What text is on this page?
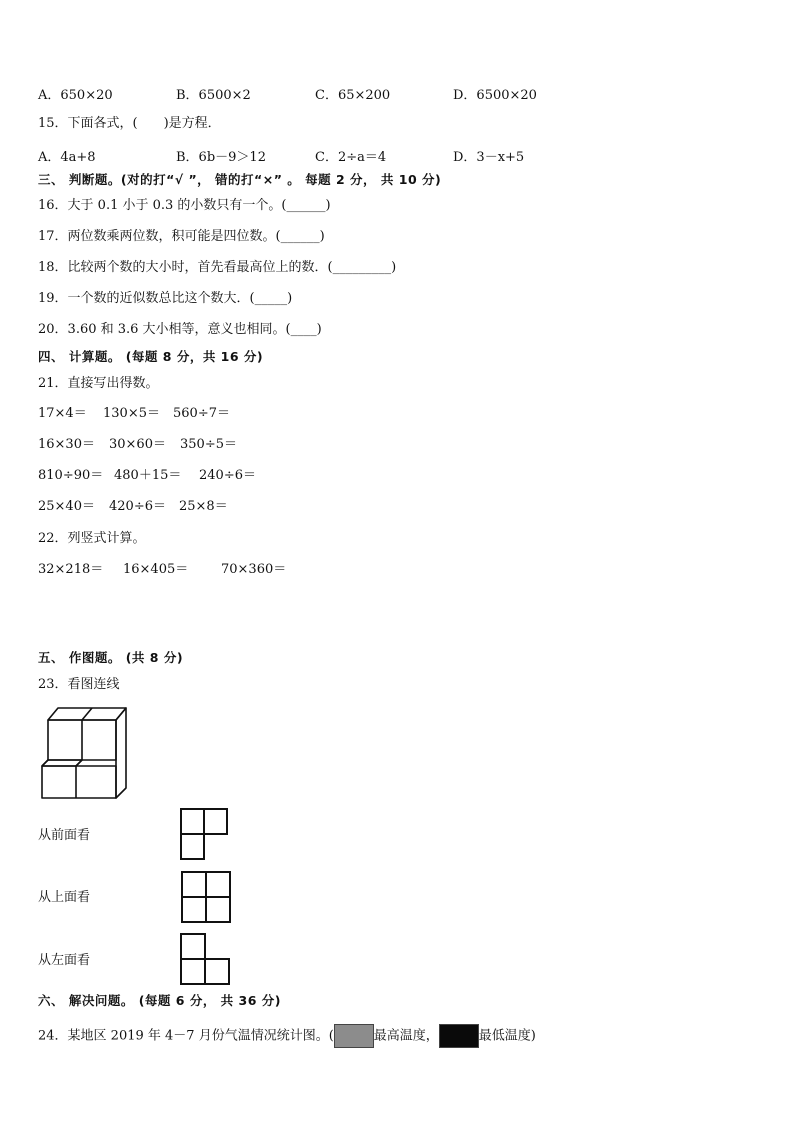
A．650×20	B．6500×2	C．65×200	D．6500×20
15．下面各式，(　　)是方程．
A．4a+8	B．6b－9＞12	C．2÷a＝4	D．3－x+5
三、 判断题。(对的打“√ ”， 错的打“×” 。 每题 2 分， 共 10 分)
16．大于 0.1 小于 0.3 的小数只有一个。(______)
17．两位数乘两位数，积可能是四位数。(______)
18．比较两个数的大小时，首先看最高位上的数．(_________)
19．一个数的近似数总比这个数大．(_____)
20．3.60 和 3.6 大小相等，意义也相同。(____)
四、 计算题。 (每题 8 分，共 16 分)
21．直接写出得数。
17×4＝ 130×5＝ 560÷7＝
16×30＝ 30×60＝ 350÷5＝
810÷90＝ 480＋15＝ 240÷6＝
25×40＝ 420÷6＝ 25×8＝
22．列竖式计算。
32×218＝ 16×405＝	70×360＝
五、 作图题。 (共 8 分)
23．看图连线
从前面看
从上面看
从左面看
六、 解决问题。 (每题 6 分， 共 36 分)
24．某地区 2019 年 4－7 月份气温情况统计图。(	最高温度，	最低温度)
